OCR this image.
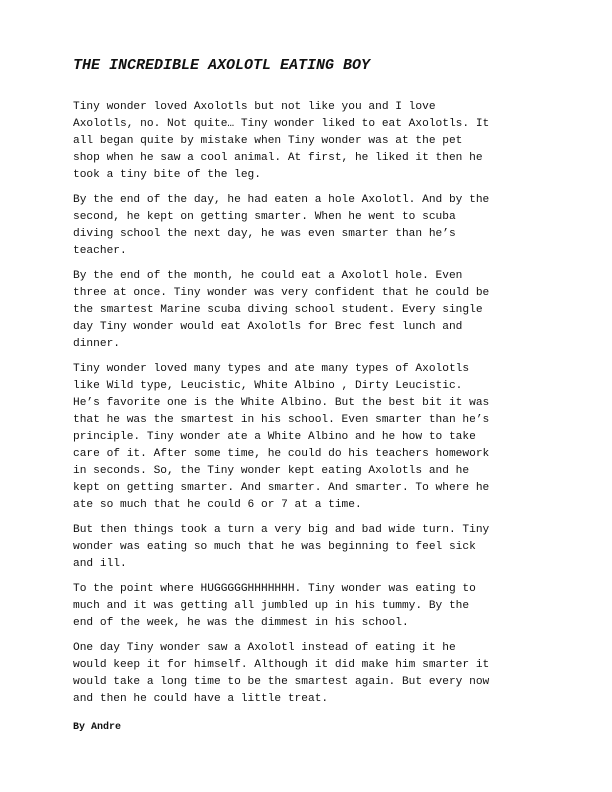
THE INCREDIBLE AXOLOTL EATING BOY

Tiny wonder loved Axolotls but not like you and I love
Axolotls, no. Not quite… Tiny wonder liked to eat Axolotls. It
all began quite by mistake when Tiny wonder was at the pet
shop when he saw a cool animal. At first, he liked it then he
took a tiny bite of the leg.

By the end of the day, he had eaten a hole Axolotl. And by the
second, he kept on getting smarter. When he went to scuba
diving school the next day, he was even smarter than he’s
teacher.

By the end of the month, he could eat a Axolotl hole. Even
three at once. Tiny wonder was very confident that he could be
the smartest Marine scuba diving school student. Every single
day Tiny wonder would eat Axolotls for Brec fest lunch and
dinner.

Tiny wonder loved many types and ate many types of Axolotls
like Wild type, Leucistic, White Albino , Dirty Leucistic.
He’s favorite one is the White Albino. But the best bit it was
that he was the smartest in his school. Even smarter than he’s
principle. Tiny wonder ate a White Albino and he how to take
care of it. After some time, he could do his teachers homework
in seconds. So, the Tiny wonder kept eating Axolotls and he
kept on getting smarter. And smarter. And smarter. To where he
ate so much that he could 6 or 7 at a time.

But then things took a turn a very big and bad wide turn. Tiny
wonder was eating so much that he was beginning to feel sick
and ill.

To the point where HUGGGGGHHHHHHH. Tiny wonder was eating to
much and it was getting all jumbled up in his tummy. By the
end of the week, he was the dimmest in his school.

One day Tiny wonder saw a Axolotl instead of eating it he
would keep it for himself. Although it did make him smarter it
would take a long time to be the smartest again. But every now
and then he could have a little treat.

By Andre
